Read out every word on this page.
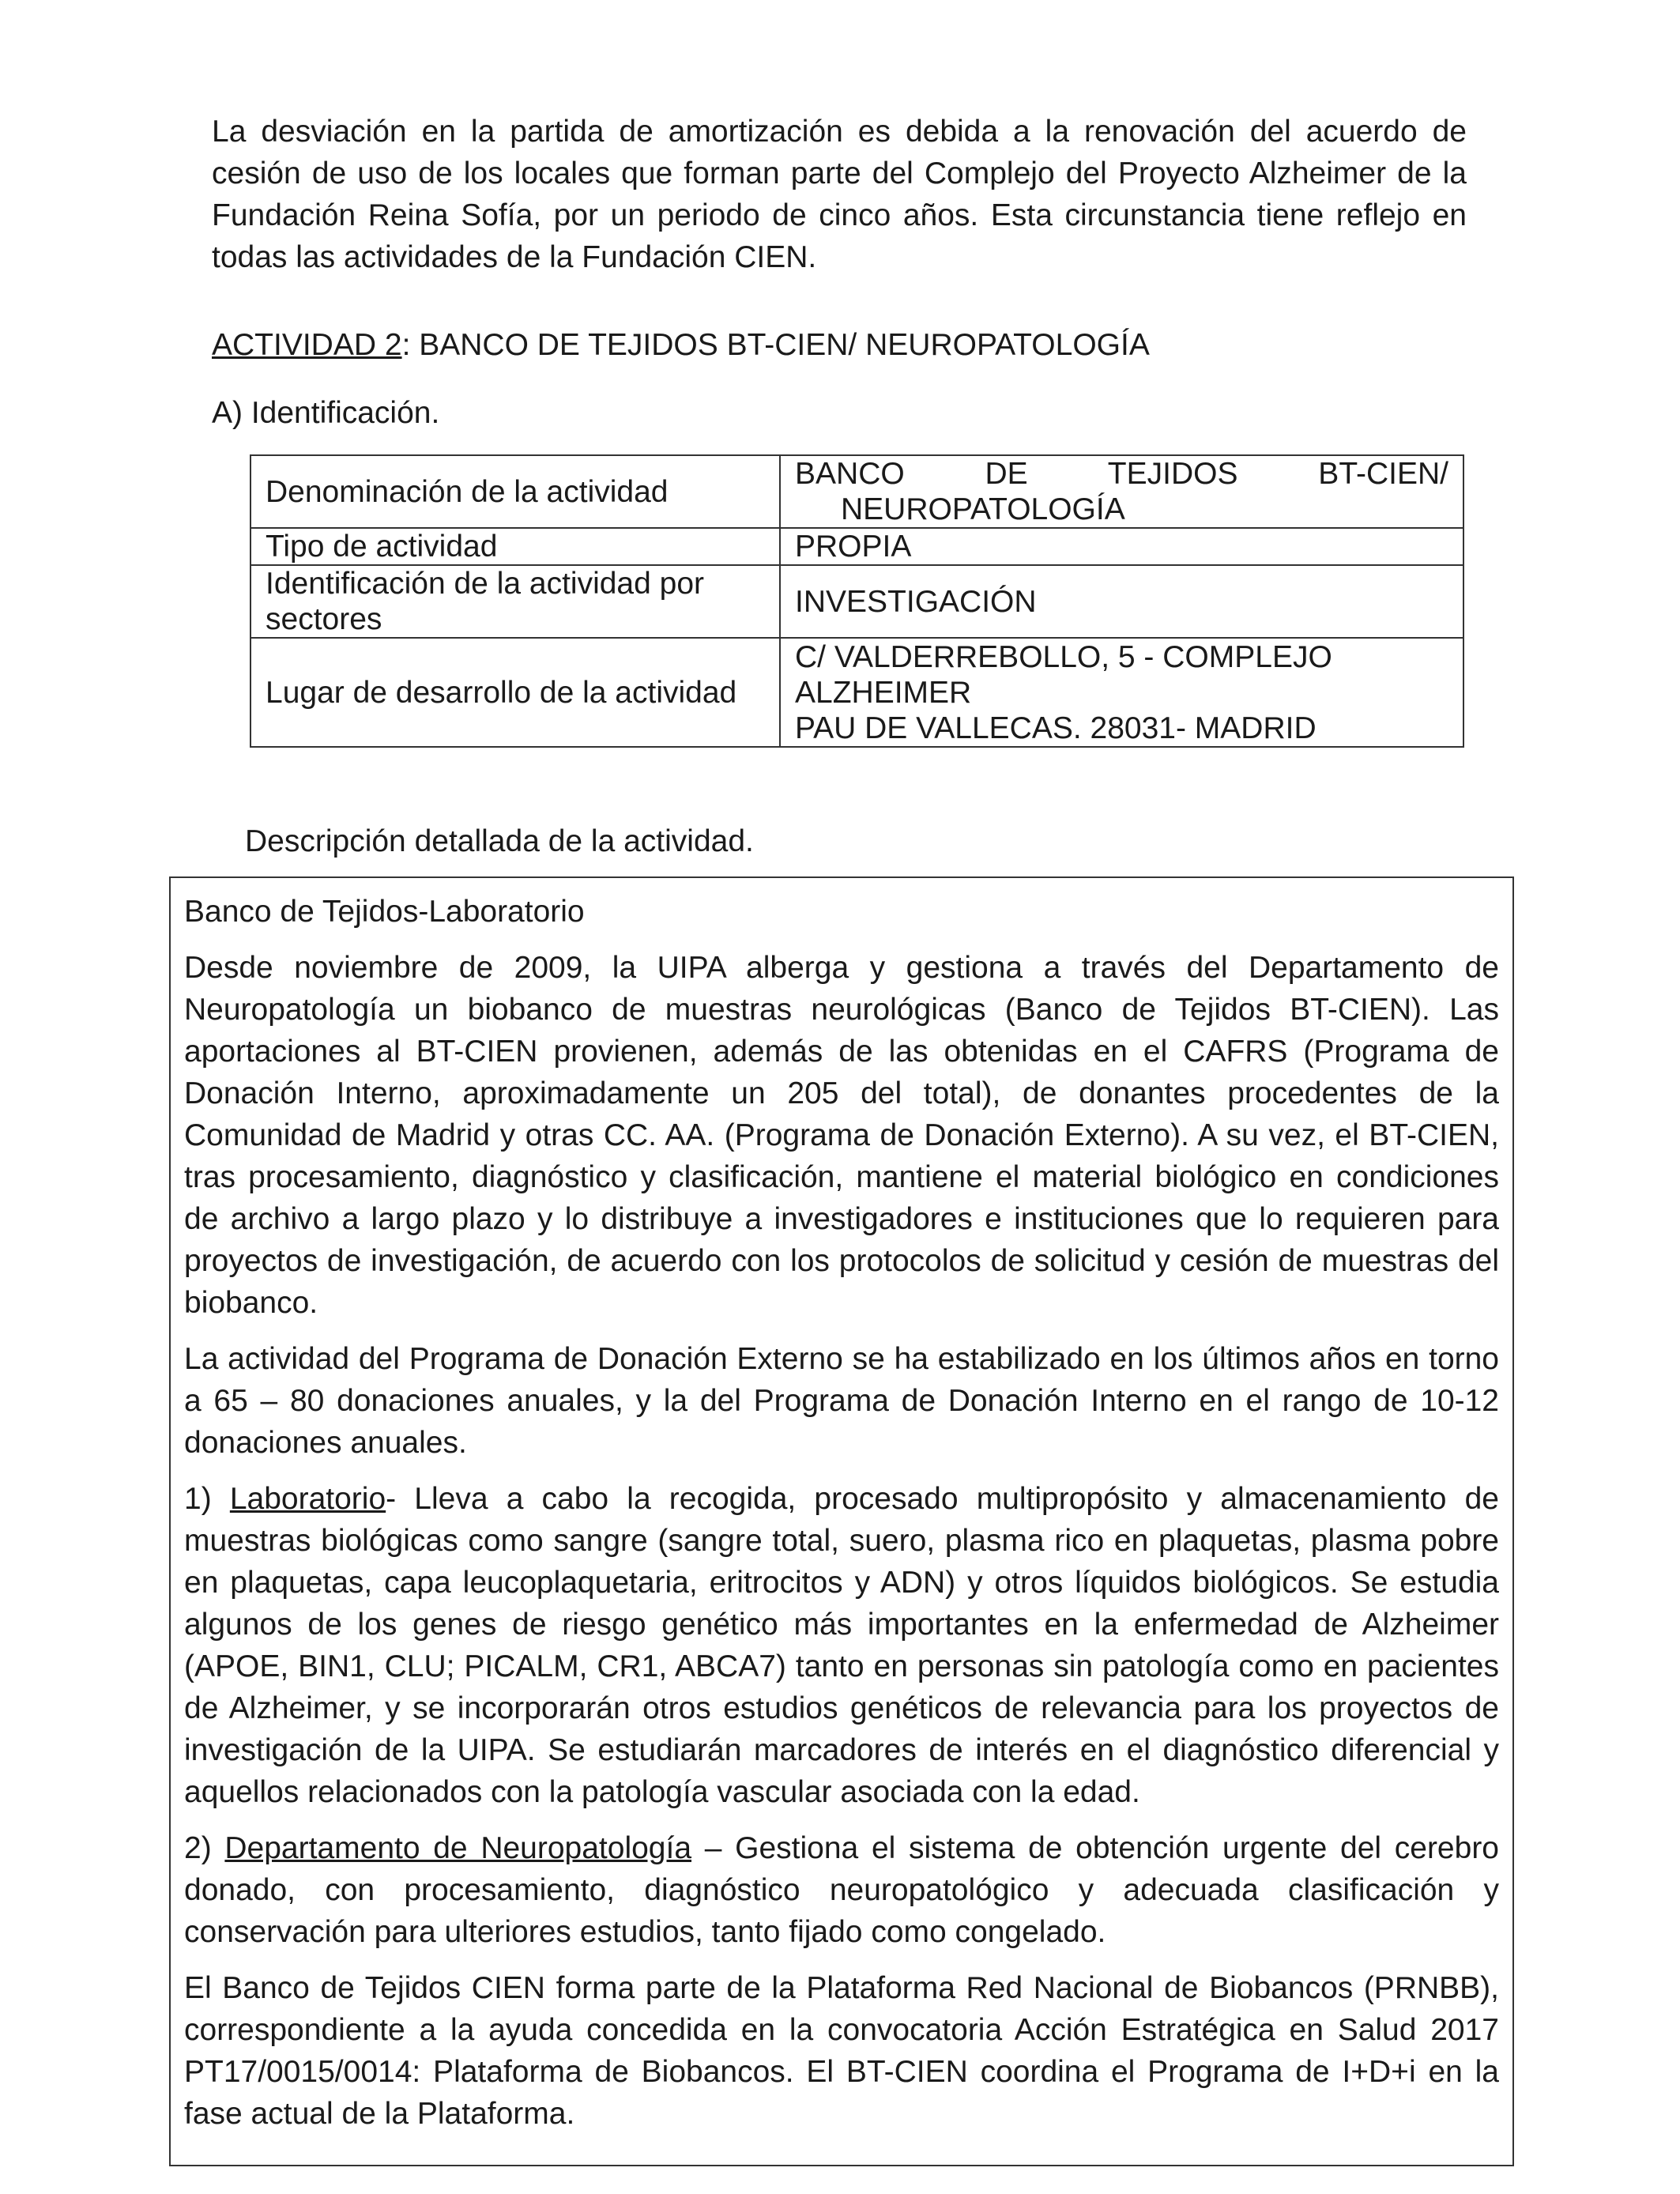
La desviación en la partida de amortización es debida a la renovación del acuerdo de cesión de uso de los locales que forman parte del Complejo del Proyecto Alzheimer de la Fundación Reina Sofía, por un periodo de cinco años. Esta circunstancia tiene reflejo en todas las actividades de la Fundación CIEN.

ACTIVIDAD 2: BANCO DE TEJIDOS BT-CIEN/ NEUROPATOLOGÍA

A) Identificación.

Denominación de la actividad	BANCO DE TEJIDOS BT-CIEN/
NEUROPATOLOGÍA

Tipo de actividad	PROPIA
Identificación de la actividad por sectores	INVESTIGACIÓN
Lugar de desarrollo de la actividad	C/ VALDERREBOLLO, 5 - COMPLEJO ALZHEIMER
PAU DE VALLECAS. 28031- MADRID

Descripción detallada de la actividad.

Banco de Tejidos-Laboratorio

Desde noviembre de 2009, la UIPA alberga y gestiona a través del Departamento de Neuropatología un biobanco de muestras neurológicas (Banco de Tejidos BT-CIEN). Las aportaciones al BT-CIEN provienen, además de las obtenidas en el CAFRS (Programa de Donación Interno, aproximadamente un 205 del total), de donantes procedentes de la Comunidad de Madrid y otras CC. AA. (Programa de Donación Externo). A su vez, el BT-CIEN, tras procesamiento, diagnóstico y clasificación, mantiene el material biológico en condiciones de archivo a largo plazo y lo distribuye a investigadores e instituciones que lo requieren para proyectos de investigación, de acuerdo con los protocolos de solicitud y cesión de muestras del biobanco.

La actividad del Programa de Donación Externo se ha estabilizado en los últimos años en torno a 65 – 80 donaciones anuales, y la del Programa de Donación Interno en el rango de 10-12 donaciones anuales.

1) Laboratorio- Lleva a cabo la recogida, procesado multipropósito y almacenamiento de muestras biológicas como sangre (sangre total, suero, plasma rico en plaquetas, plasma pobre en plaquetas, capa leucoplaquetaria, eritrocitos y ADN) y otros líquidos biológicos. Se estudia algunos de los genes de riesgo genético más importantes en la enfermedad de Alzheimer (APOE, BIN1, CLU; PICALM, CR1, ABCA7) tanto en personas sin patología como en pacientes de Alzheimer, y se incorporarán otros estudios genéticos de relevancia para los proyectos de investigación de la UIPA. Se estudiarán marcadores de interés en el diagnóstico diferencial y aquellos relacionados con la patología vascular asociada con la edad.

2) Departamento de Neuropatología – Gestiona el sistema de obtención urgente del cerebro donado, con procesamiento, diagnóstico neuropatológico y adecuada clasificación y conservación para ulteriores estudios, tanto fijado como congelado.

El Banco de Tejidos CIEN forma parte de la Plataforma Red Nacional de Biobancos (PRNBB), correspondiente a la ayuda concedida en la convocatoria Acción Estratégica en Salud 2017 PT17/0015/0014: Plataforma de Biobancos. El BT-CIEN coordina el Programa de I+D+i en la fase actual de la Plataforma.
